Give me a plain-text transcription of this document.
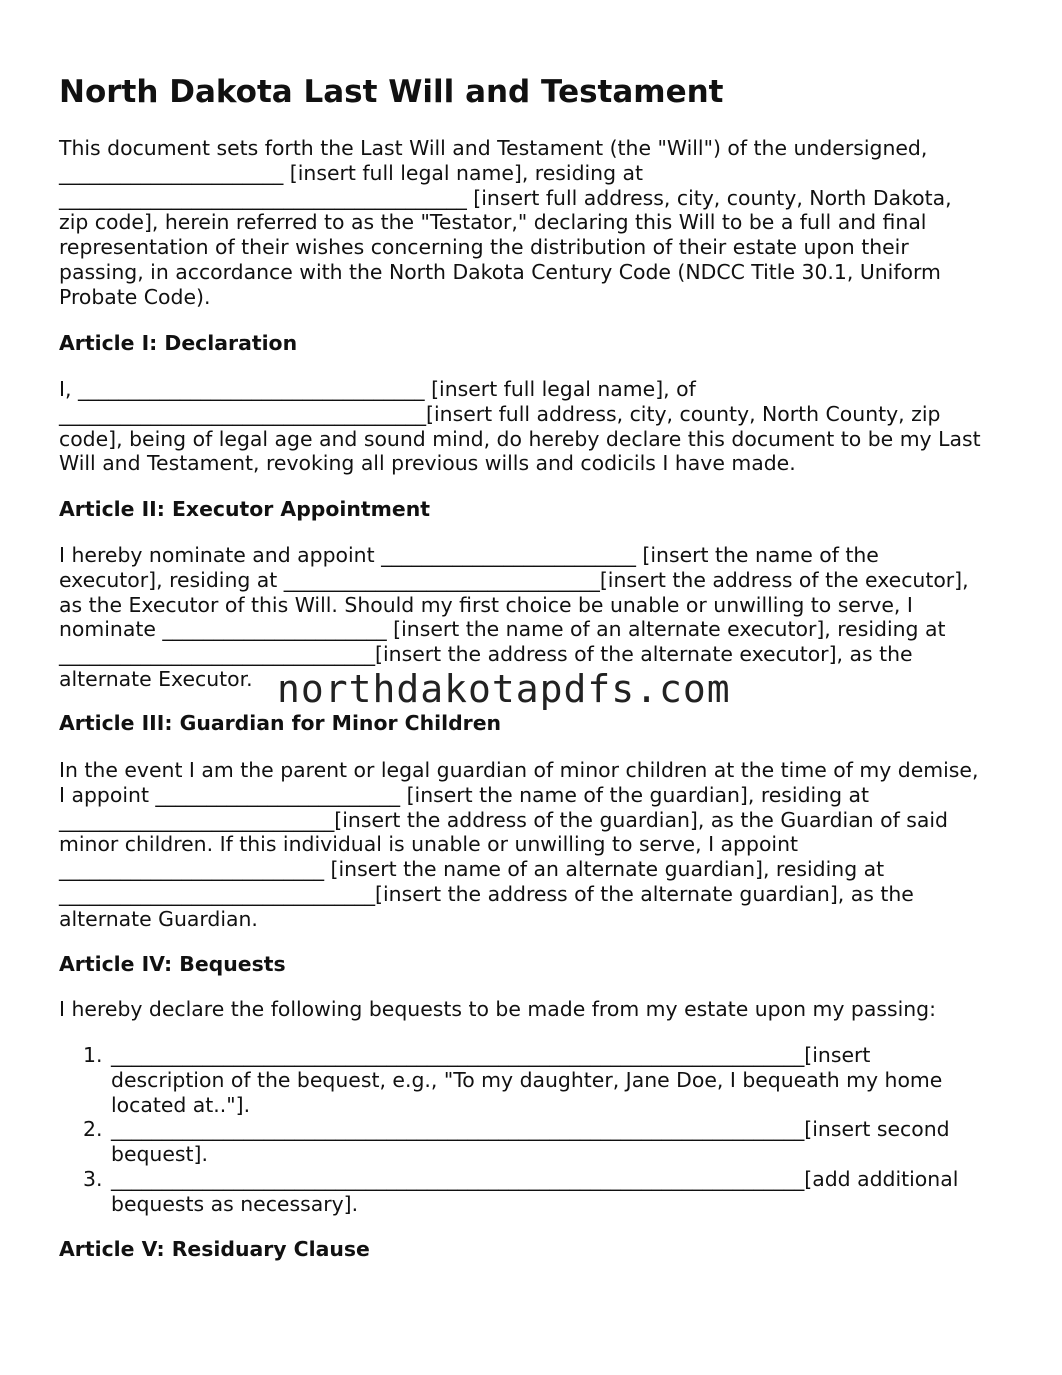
North Dakota Last Will and Testament
This document sets forth the Last Will and Testament (the "Will") of the undersigned,
______________________ [insert full legal name], residing at
________________________________________ [insert full address, city, county, North Dakota,
zip code], herein referred to as the "Testator," declaring this Will to be a full and final
representation of their wishes concerning the distribution of their estate upon their
passing, in accordance with the North Dakota Century Code (NDCC Title 30.1, Uniform
Probate Code).
Article I: Declaration
I, __________________________________ [insert full legal name], of
____________________________________[insert full address, city, county, North County, zip
code], being of legal age and sound mind, do hereby declare this document to be my Last
Will and Testament, revoking all previous wills and codicils I have made.
Article II: Executor Appointment
I hereby nominate and appoint _________________________ [insert the name of the
executor], residing at _______________________________[insert the address of the executor],
as the Executor of this Will. Should my first choice be unable or unwilling to serve, I
nominate ______________________ [insert the name of an alternate executor], residing at
_______________________________[insert the address of the alternate executor], as the
alternate Executor. northdakotapdfs.com
Article III: Guardian for Minor Children
In the event I am the parent or legal guardian of minor children at the time of my demise,
I appoint ________________________ [insert the name of the guardian], residing at
___________________________[insert the address of the guardian], as the Guardian of said
minor children. If this individual is unable or unwilling to serve, I appoint
__________________________ [insert the name of an alternate guardian], residing at
_______________________________[insert the address of the alternate guardian], as the
alternate Guardian.
Article IV: Bequests
I hereby declare the following bequests to be made from my estate upon my passing:
1. ____________________________________________________________________[insert
description of the bequest, e.g., "To my daughter, Jane Doe, I bequeath my home
located at.."].
2. ____________________________________________________________________[insert second
bequest].
3. ____________________________________________________________________[add additional
bequests as necessary].
Article V: Residuary Clause
